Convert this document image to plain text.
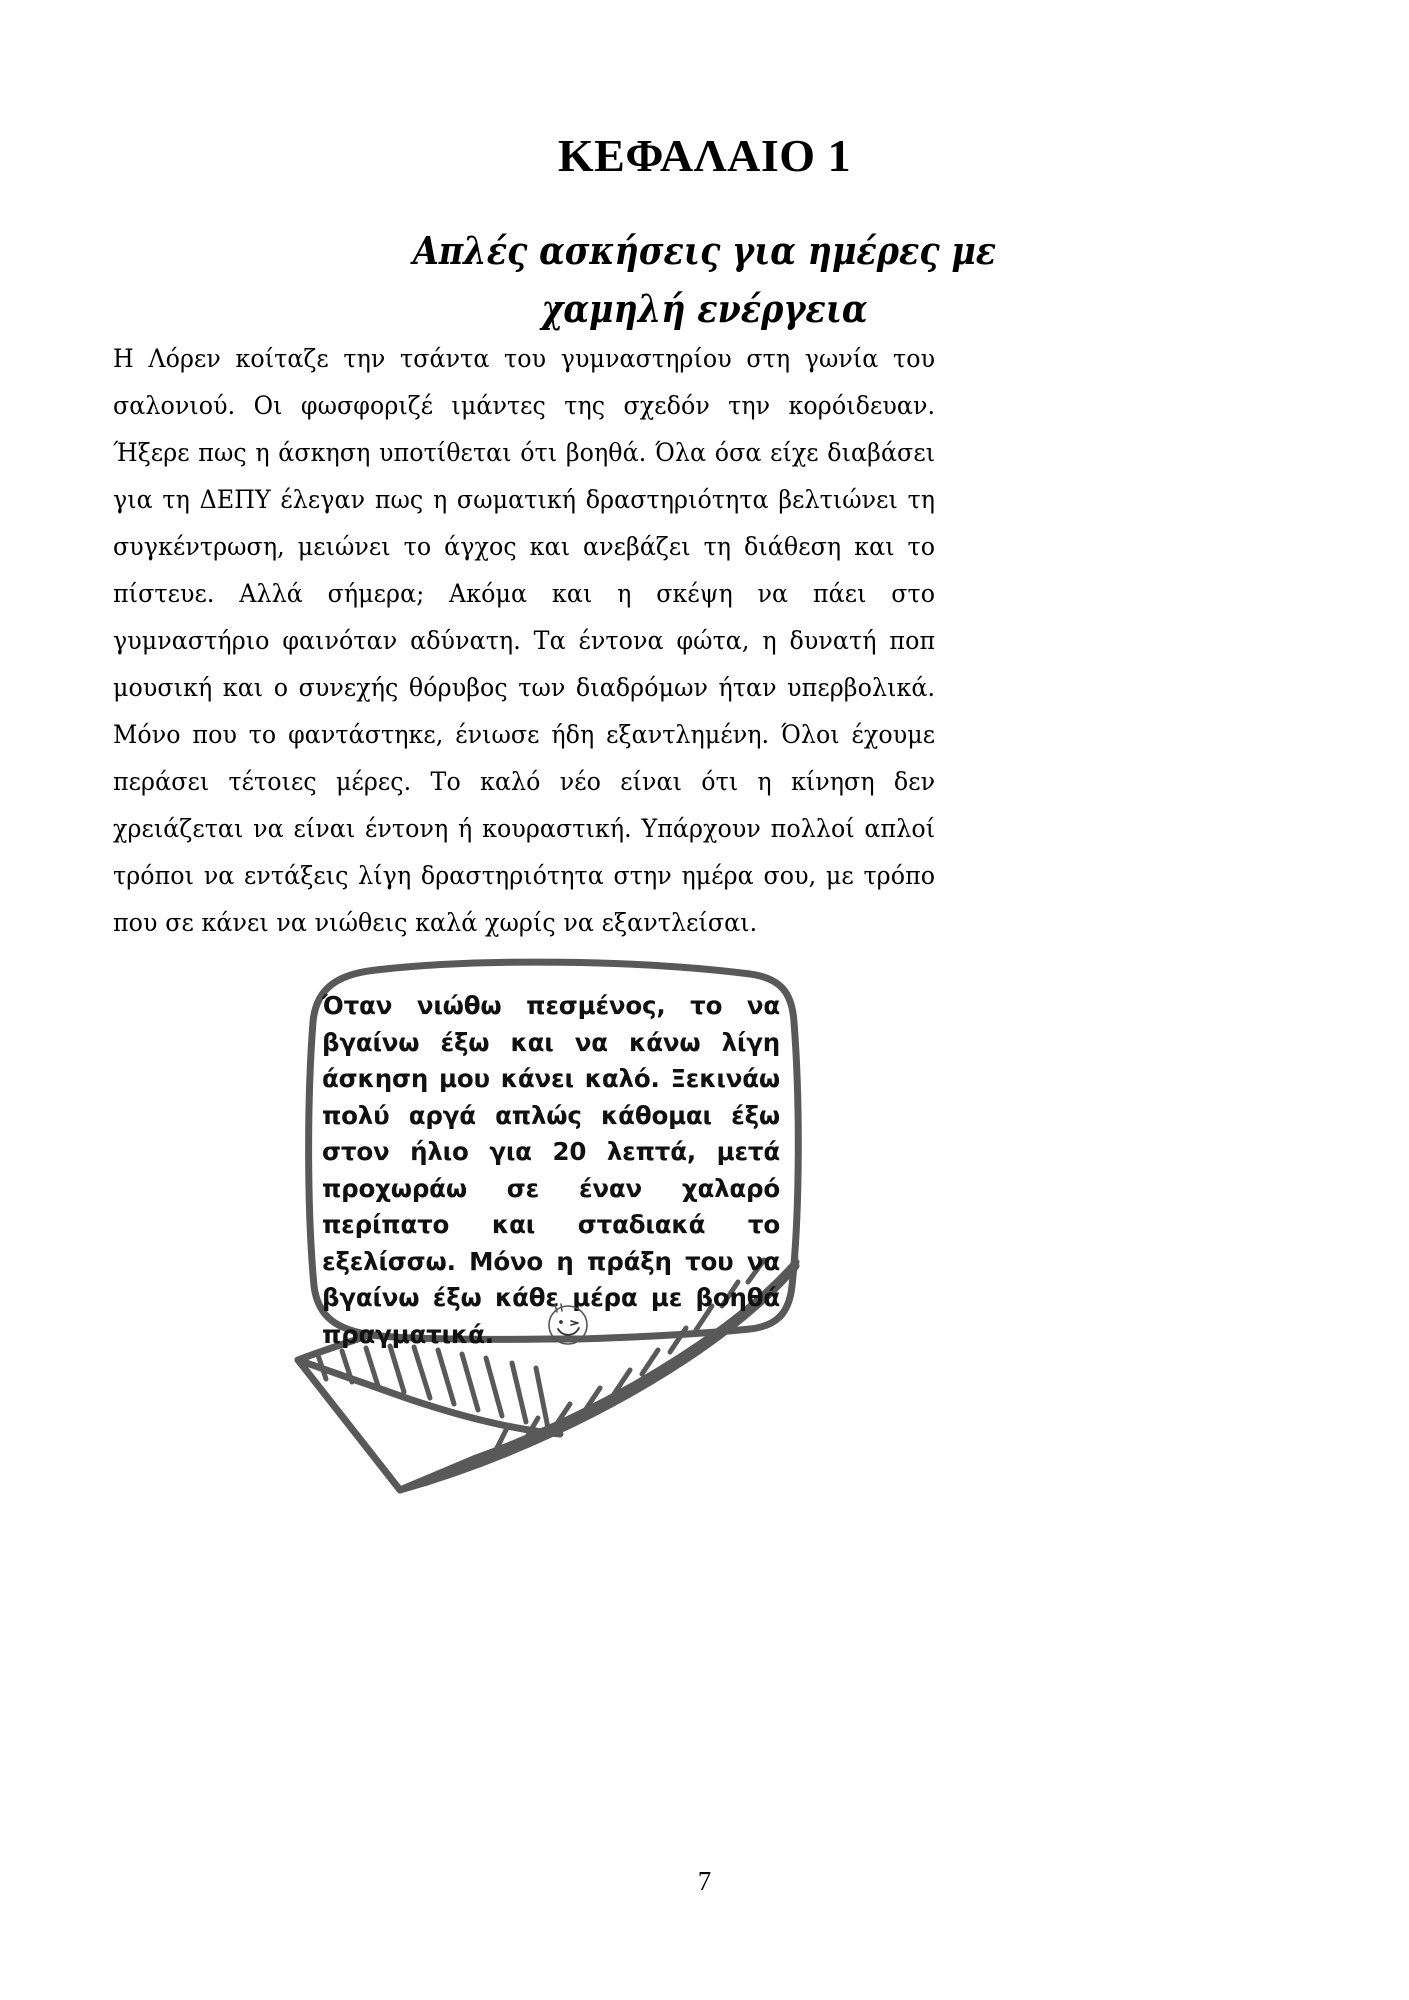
ΚΕΦΑΛΑΙΟ 1
Απλές ασκήσεις για ημέρες με
χαμηλή ενέργεια
Η Λόρεν κοίταζε την τσάντα του γυμναστηρίου στη γωνία του σαλονιού. Οι φωσφοριζέ ιμάντες της σχεδόν την κορόιδευαν. Ήξερε πως η άσκηση υποτίθεται ότι βοηθά. Όλα όσα είχε διαβάσει για τη ΔΕΠΥ έλεγαν πως η σωματική δραστηριότητα βελτιώνει τη συγκέντρωση, μειώνει το άγχος και ανεβάζει τη διάθεση και το πίστευε. Αλλά σήμερα; Ακόμα και η σκέψη να πάει στο γυμναστήριο φαινόταν αδύνατη. Τα έντονα φώτα, η δυνατή ποπ μουσική και ο συνεχής θόρυβος των διαδρόμων ήταν υπερβολικά. Μόνο που το φαντάστηκε, ένιωσε ήδη εξαντλημένη. Όλοι έχουμε περάσει τέτοιες μέρες. Το καλό νέο είναι ότι η κίνηση δεν χρειάζεται να είναι έντονη ή κουραστική. Υπάρχουν πολλοί απλοί τρόποι να εντάξεις λίγη δραστηριότητα στην ημέρα σου, με τρόπο που σε κάνει να νιώθεις καλά χωρίς να εξαντλείσαι.

Όταν νιώθω πεσμένος, το να βγαίνω έξω και να κάνω λίγη άσκηση μου κάνει καλό. Ξεκινάω πολύ αργά απλώς κάθομαι έξω στον ήλιο για 20 λεπτά, μετά προχωράω σε έναν χαλαρό περίπατο και σταδιακά το εξελίσσω. Μόνο η πράξη του να βγαίνω έξω κάθε μέρα με βοηθά πραγματικά.

7
